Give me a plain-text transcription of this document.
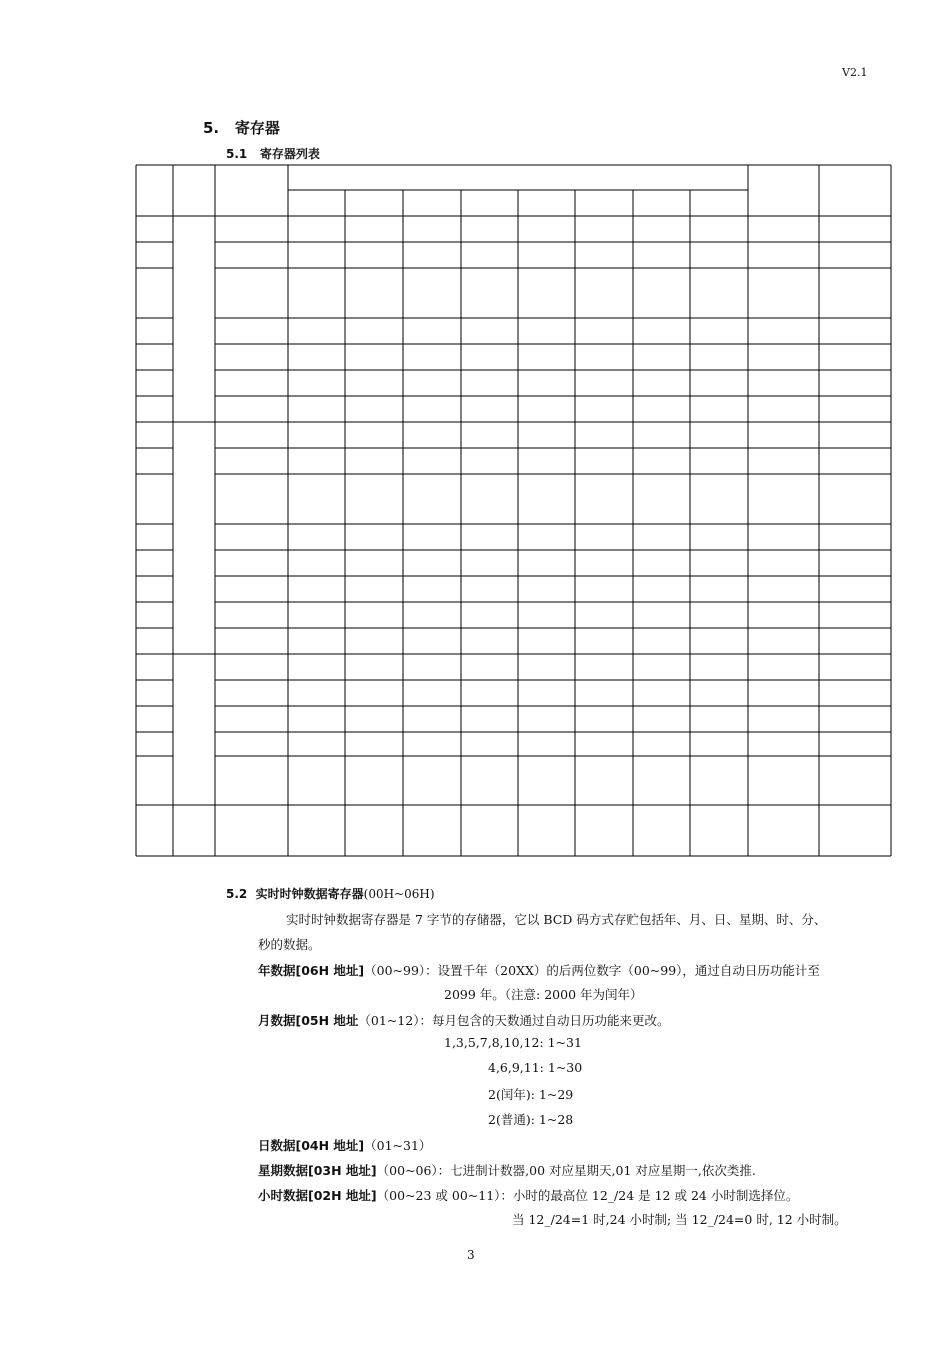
V2.1
5. 寄存器
5.1 寄存器列表
5.2 实时时钟数据寄存器(00H~06H)
实时时钟数据寄存器是 7 字节的存储器，它以 BCD 码方式存贮包括年、月、日、星期、时、分、
秒的数据。
年数据[06H 地址]（00~99）：设置千年（20XX）的后两位数字（00~99），通过自动日历功能计至
2099 年。（注意: 2000 年为闰年）
月数据[05H 地址（01~12）：每月包含的天数通过自动日历功能来更改。
1,3,5,7,8,10,12: 1~31
4,6,9,11: 1~30
2(闰年): 1~29
2(普通): 1~28
日数据[04H 地址]（01~31）
星期数据[03H 地址]（00~06）：七进制计数器,00 对应星期天,01 对应星期一,依次类推.
小时数据[02H 地址]（00~23 或 00~11）：小时的最高位 12_/24 是 12 或 24 小时制选择位。
当 12_/24=1 时,24 小时制; 当 12_/24=0 时, 12 小时制。
3
